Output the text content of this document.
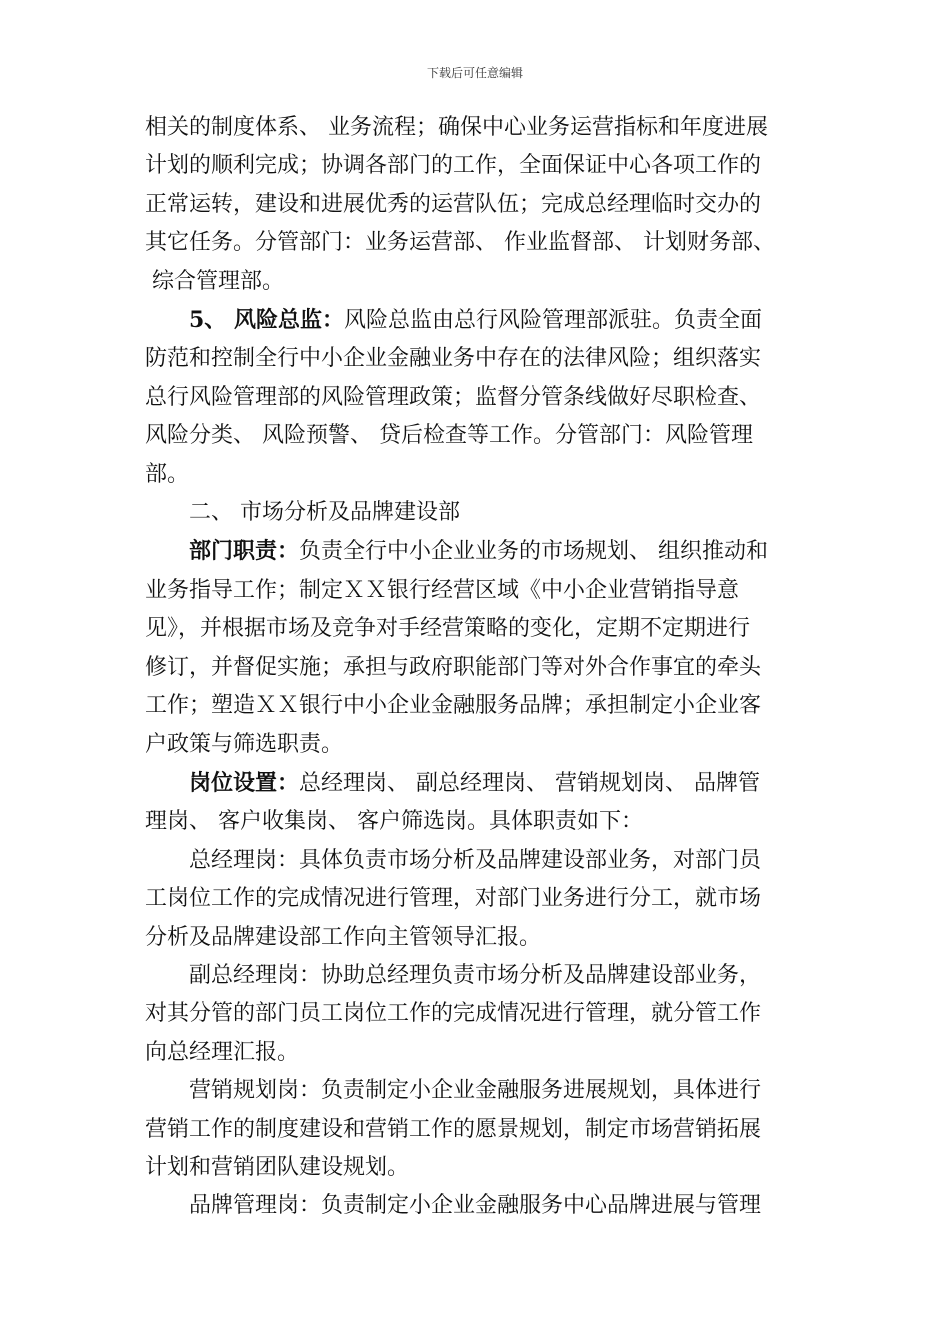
下载后可任意编辑
相关的制度体系、 业务流程；确保中心业务运营指标和年度进展
计划的顺利完成；协调各部门的工作，全面保证中心各项工作的
正常运转，建设和进展优秀的运营队伍；完成总经理临时交办的
其它任务。分管部门：业务运营部、 作业监督部、 计划财务部、
综合管理部。
5、 风险总监：风险总监由总行风险管理部派驻。负责全面
防范和控制全行中小企业金融业务中存在的法律风险；组织落实
总行风险管理部的风险管理政策；监督分管条线做好尽职检查、
风险分类、 风险预警、 贷后检查等工作。分管部门：风险管理
部。
二、 市场分析及品牌建设部
部门职责：负责全行中小企业业务的市场规划、 组织推动和
业务指导工作；制定ＸＸ银行经营区域《中小企业营销指导意
见》，并根据市场及竞争对手经营策略的变化，定期不定期进行
修订，并督促实施；承担与政府职能部门等对外合作事宜的牵头
工作；塑造ＸＸ银行中小企业金融服务品牌；承担制定小企业客
户政策与筛选职责。
岗位设置：总经理岗、 副总经理岗、 营销规划岗、 品牌管
理岗、 客户收集岗、 客户筛选岗。具体职责如下：
总经理岗：具体负责市场分析及品牌建设部业务，对部门员
工岗位工作的完成情况进行管理，对部门业务进行分工，就市场
分析及品牌建设部工作向主管领导汇报。
副总经理岗：协助总经理负责市场分析及品牌建设部业务，
对其分管的部门员工岗位工作的完成情况进行管理，就分管工作
向总经理汇报。
营销规划岗：负责制定小企业金融服务进展规划，具体进行
营销工作的制度建设和营销工作的愿景规划，制定市场营销拓展
计划和营销团队建设规划。
品牌管理岗：负责制定小企业金融服务中心品牌进展与管理
